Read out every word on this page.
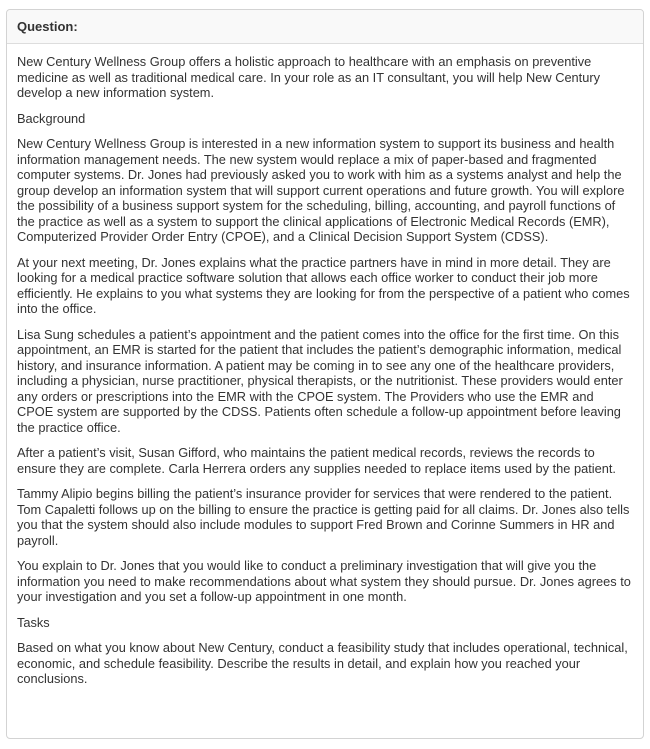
Question:

New Century Wellness Group offers a holistic approach to healthcare with an emphasis on preventive medicine as well as traditional medical care. In your role as an IT consultant, you will help New Century develop a new information system.

Background

New Century Wellness Group is interested in a new information system to support its business and health information management needs. The new system would replace a mix of paper-based and fragmented computer systems. Dr. Jones had previously asked you to work with him as a systems analyst and help the group develop an information system that will support current operations and future growth. You will explore the possibility of a business support system for the scheduling, billing, accounting, and payroll functions of the practice as well as a system to support the clinical applications of Electronic Medical Records (EMR), Computerized Provider Order Entry (CPOE), and a Clinical Decision Support System (CDSS).

At your next meeting, Dr. Jones explains what the practice partners have in mind in more detail. They are looking for a medical practice software solution that allows each office worker to conduct their job more efficiently. He explains to you what systems they are looking for from the perspective of a patient who comes into the office.

Lisa Sung schedules a patient’s appointment and the patient comes into the office for the first time. On this appointment, an EMR is started for the patient that includes the patient’s demographic information, medical history, and insurance information. A patient may be coming in to see any one of the healthcare providers, including a physician, nurse practitioner, physical therapists, or the nutritionist. These providers would enter any orders or prescriptions into the EMR with the CPOE system. The Providers who use the EMR and CPOE system are supported by the CDSS. Patients often schedule a follow-up appointment before leaving the practice office.

After a patient’s visit, Susan Gifford, who maintains the patient medical records, reviews the records to ensure they are complete. Carla Herrera orders any supplies needed to replace items used by the patient.

Tammy Alipio begins billing the patient’s insurance provider for services that were rendered to the patient. Tom Capaletti follows up on the billing to ensure the practice is getting paid for all claims. Dr. Jones also tells you that the system should also include modules to support Fred Brown and Corinne Summers in HR and payroll.

You explain to Dr. Jones that you would like to conduct a preliminary investigation that will give you the information you need to make recommendations about what system they should pursue. Dr. Jones agrees to your investigation and you set a follow-up appointment in one month.

Tasks

Based on what you know about New Century, conduct a feasibility study that includes operational, technical, economic, and schedule feasibility. Describe the results in detail, and explain how you reached your conclusions.
